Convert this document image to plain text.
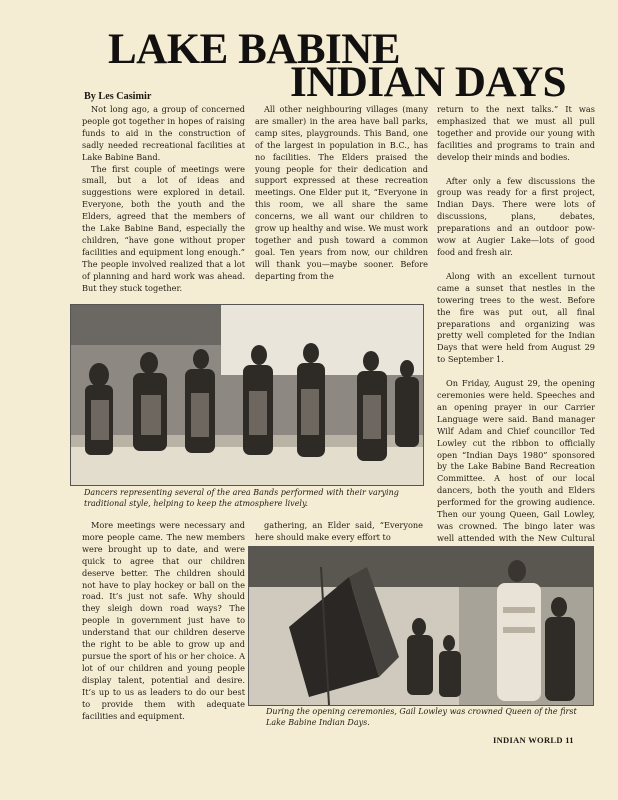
LAKE BABINE
INDIAN DAYS
By Les Casimir

Not long ago, a group of concerned people got together in hopes of raising funds to aid in the construction of sadly needed recreational facilities at Lake Babine Band.

The first couple of meetings were small, but a lot of ideas and suggestions were explored in detail. Everyone, both the youth and the Elders, agreed that the members of the Lake Babine Band, especially the children, “have gone without proper facilities and equipment long enough.” The people involved realized that a lot of planning and hard work was ahead. But they stuck together.

All other neighbouring villages (many are smaller) in the area have ball parks, camp sites, playgrounds. This Band, one of the largest in population in B.C., has no facilities. The Elders praised the young people for their dedication and support expressed at these recreation meetings. One Elder put it, “Everyone in this room, we all share the same concerns, we all want our children to grow up healthy and wise. We must work together and push toward a common goal. Ten years from now, our children will thank you—maybe sooner. Before departing from the

return to the next talks.” It was emphasized that we must all pull together and provide our young with facilities and programs to train and develop their minds and bodies.

After only a few discussions the group was ready for a first project, Indian Days. There were lots of discussions, plans, debates, preparations and an outdoor pow-wow at Augier Lake—lots of good food and fresh air.

Along with an excellent turnout came a sunset that nestles in the towering trees to the west. Before the fire was put out, all final preparations and organizing was pretty well completed for the Indian Days that were held from August 29 to September 1.

On Friday, August 29, the opening ceremonies were held. Speeches and an opening prayer in our Carrier Language were said. Band manager Wilf Adam and Chief councillor Ted Lowley cut the ribbon to officially open “Indian Days 1980” sponsored by the Lake Babine Band Recreation Committee. A host of our local dancers, both the youth and Elders performed for the growing audience. Then our young Queen, Gail Lowley, was crowned. The bingo later was well attended with the New Cultural

Dancers representing several of the area Bands performed with their varying traditional style, helping to keep the atmosphere lively.

More meetings were necessary and more people came. The new members were brought up to date, and were quick to agree that our children deserve better. The children should not have to play hockey or ball on the road. It’s just not safe. Why should they sleigh down road ways? The people in government just have to understand that our children deserve the right to be able to grow up and pursue the sport of his or her choice. A lot of our children and young people display talent, potential and desire. It’s up to us as leaders to do our best to provide them with adequate facilities and equipment.

gathering, an Elder said, “Everyone here should make every effort to

During the opening ceremonies, Gail Lowley was crowned Queen of the first Lake Babine Indian Days.

INDIAN WORLD 11
